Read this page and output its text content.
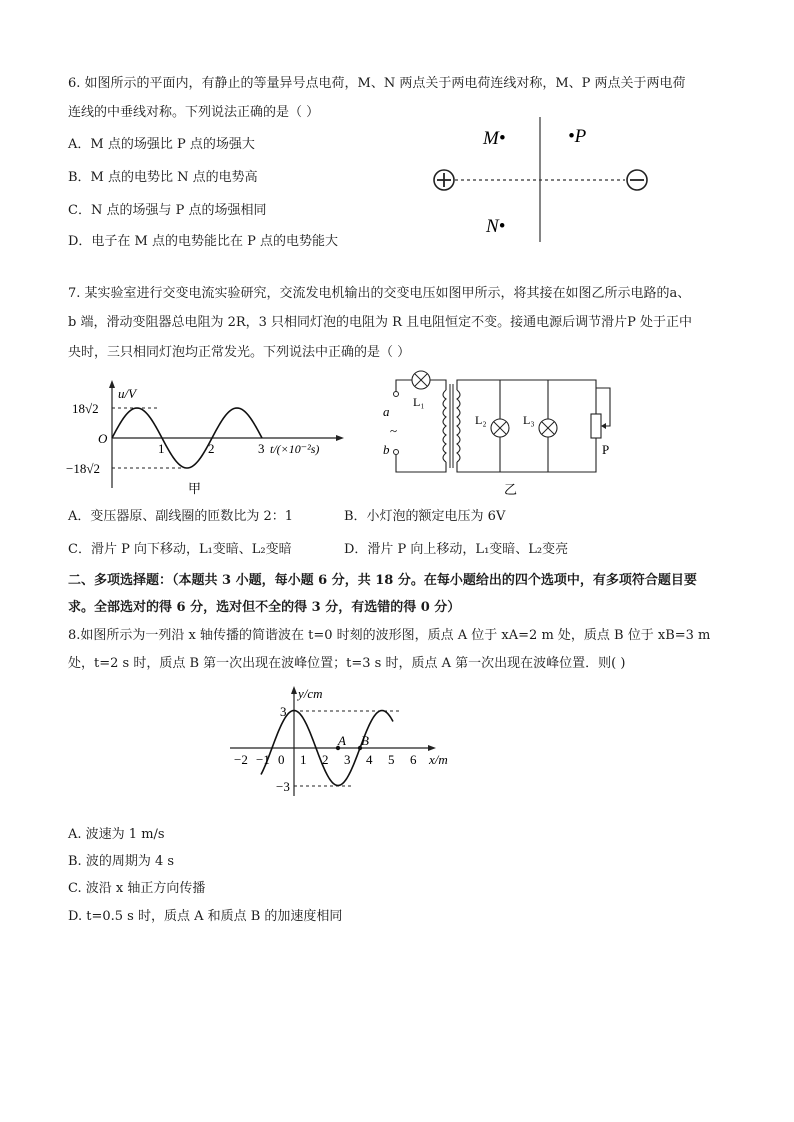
6. 如图所示的平面内，有静止的等量异号点电荷，M、N 两点关于两电荷连线对称，M、P 两点关于两电荷
连线的中垂线对称。下列说法正确的是（ ）
A．M 点的场强比 P 点的场强大
B．M 点的电势比 N 点的电势高
C．N 点的场强与 P 点的场强相同
D．电子在 M 点的电势能比在 P 点的电势能大
M•	•P
N•
7. 某实验室进行交变电流实验研究，交流发电机输出的交变电压如图甲所示，将其接在如图乙所示电路的a、
b 端，滑动变阻器总电阻为 2R，3 只相同灯泡的电阻为 R 且电阻恒定不变。接通电源后调节滑片P 处于正中
央时，三只相同灯泡均正常发光。下列说法中正确的是（ ）
u/V
18√2
−18√2
O
1	2	3 t/(×10⁻²s)
甲
a
~
b
L₁
L₂	L₃
P
乙
A．变压器原、副线圈的匝数比为 2：1	B．小灯泡的额定电压为 6V
C．滑片 P 向下移动，L₁变暗、L₂变暗	D．滑片 P 向上移动，L₁变暗、L₂变亮
二、多项选择题：（本题共 3 小题，每小题 6 分，共 18 分。在每小题给出的四个选项中，有多项符合题目要
求。全部选对的得 6 分，选对但不全的得 3 分，有选错的得 0 分）
8.如图所示为一列沿 x 轴传播的简谐波在 t=0 时刻的波形图，质点 A 位于 xA=2 m 处，质点 B 位于 xB=3 m
处，t=2 s 时，质点 B 第一次出现在波峰位置；t=3 s 时，质点 A 第一次出现在波峰位置．则( )
A B
y/cm
3
−3
x/m
−2 −1 0 1 2 3 4 5 6
A. 波速为 1 m/s
B. 波的周期为 4 s
C. 波沿 x 轴正方向传播
D. t=0.5 s 时，质点 A 和质点 B 的加速度相同
